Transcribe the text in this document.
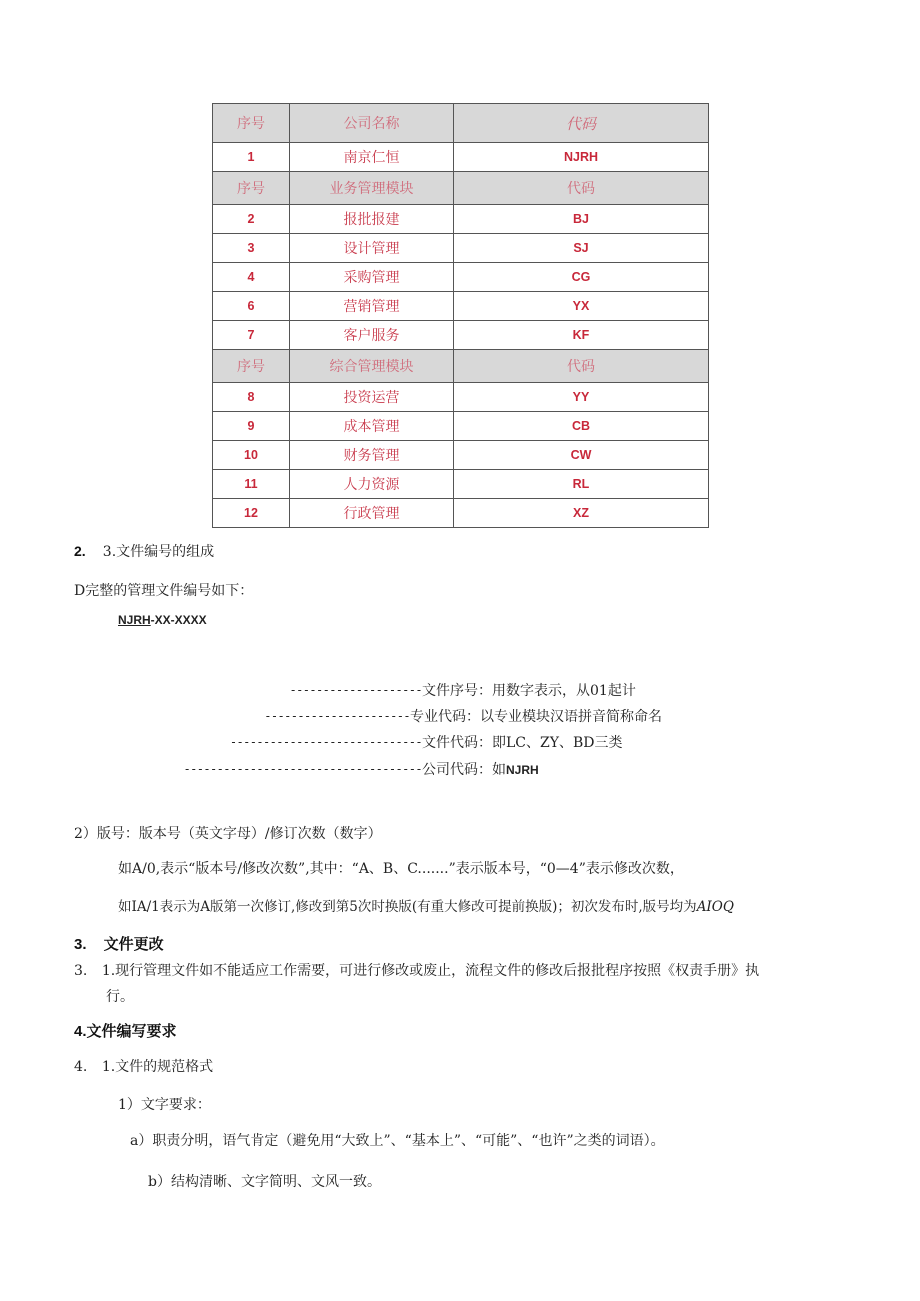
序号	公司名称	代码
1	南京仁恒	NJRH
序号	业务管理模块	代码
2	报批报建	BJ
3	设计管理	SJ
4	采购管理	CG
6	营销管理	YX
7	客户服务	KF
序号	综合管理模块	代码
8	投资运营	YY
9	成本管理	CB
10	财务管理	CW
11	人力资源	RL
12	行政管理	XZ
2. 3.文件编号的组成
D完整的管理文件编号如下：
NJRH-XX-XXXX
-------------------- 文件序号：用数字表示，从01起计
---------------------- 专业代码：以专业模块汉语拼音简称命名
----------------------------- 文件代码：即LC、ZY、BD三类
------------------------------------ 公司代码：如NJRH
2）版号：版本号（英文字母）/修订次数（数字）
如A/0,表示“版本号/修改次数”,其中：“A、B、C.......”表示版本号，“0—4”表示修改次数，
如IA/1表示为A版第一次修订,修改到第5次时换版(有重大修改可提前换版)；初次发布时,版号均为AIOQ
3. 文件更改
3. 1.现行管理文件如不能适应工作需要，可进行修改或废止，流程文件的修改后报批程序按照《权责手册》执
行。
4.文件编写要求
4. 1.文件的规范格式
1）文字要求：
a）职责分明，语气肯定（避免用“大致上”、“基本上”、“可能”、“也许”之类的词语）。
b）结构清晰、文字简明、文风一致。
